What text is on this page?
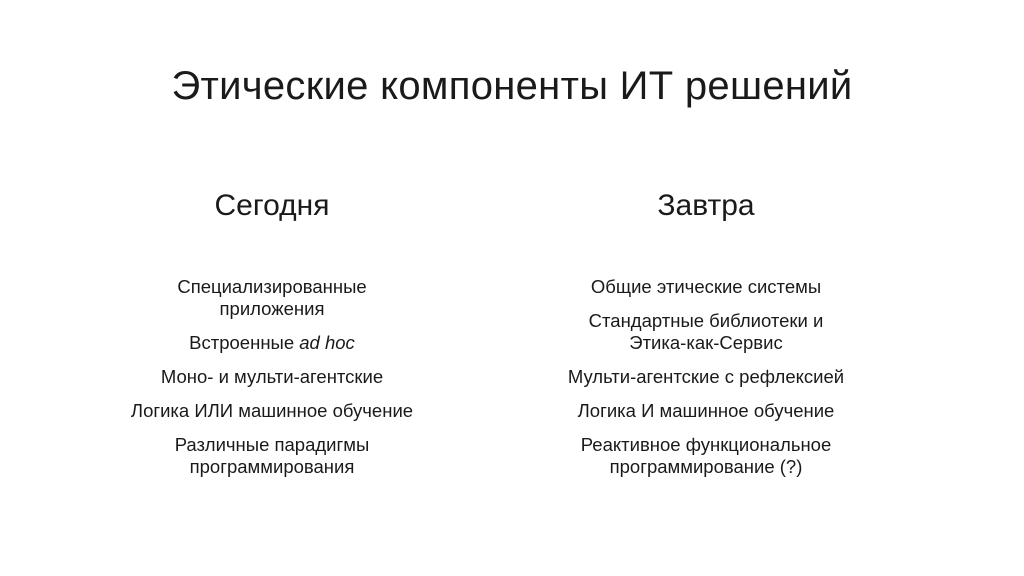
Этические компоненты ИТ решений
Сегодня
Специализированные приложения
Встроенные ad hoc
Моно- и мульти-агентские
Логика ИЛИ машинное обучение
Различные парадигмы программирования
Завтра
Общие этические системы
Стандартные библиотеки и Этика-как-Сервис
Мульти-агентские с рефлексией
Логика И машинное обучение
Реактивное функциональное программирование (?)
